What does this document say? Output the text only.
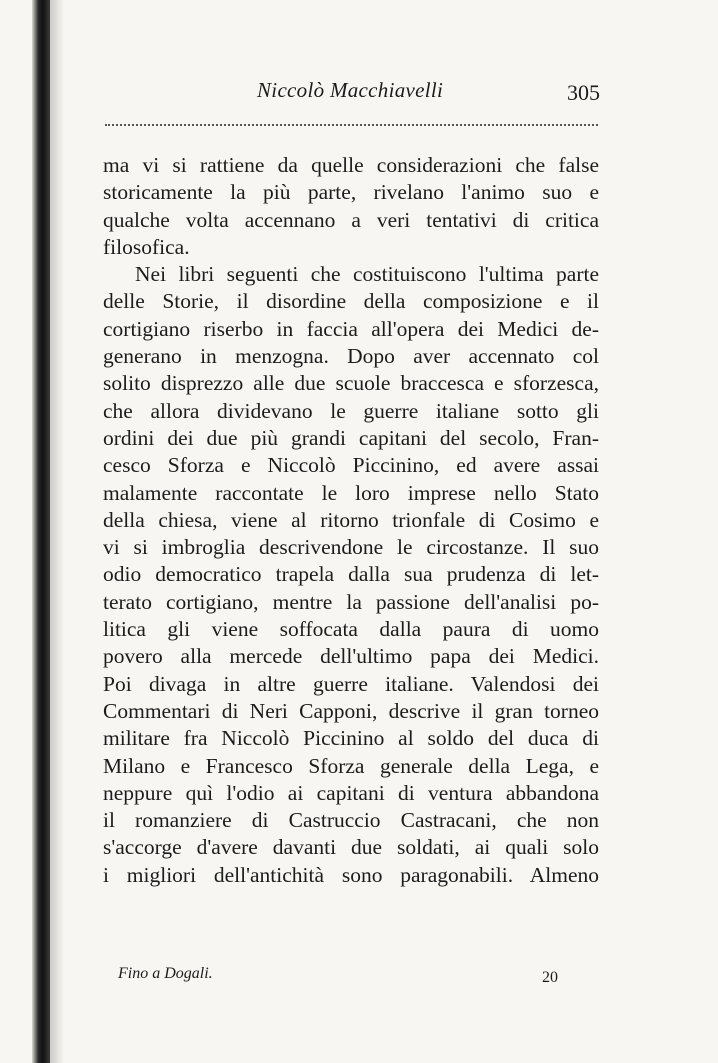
Niccolò Macchiavelli	305
ma vi si rattiene da quelle considerazioni che false
storicamente la più parte, rivelano l'animo suo e
qualche volta accennano a veri tentativi di critica
filosofica.
Nei libri seguenti che costituiscono l'ultima parte
delle Storie, il disordine della composizione e il
cortigiano riserbo in faccia all'opera dei Medici de-
generano in menzogna. Dopo aver accennato col
solito disprezzo alle due scuole braccesca e sforzesca,
che allora dividevano le guerre italiane sotto gli
ordini dei due più grandi capitani del secolo, Fran-
cesco Sforza e Niccolò Piccinino, ed avere assai
malamente raccontate le loro imprese nello Stato
della chiesa, viene al ritorno trionfale di Cosimo e
vi si imbroglia descrivendone le circostanze. Il suo
odio democratico trapela dalla sua prudenza di let-
terato cortigiano, mentre la passione dell'analisi po-
litica gli viene soffocata dalla paura di uomo
povero alla mercede dell'ultimo papa dei Medici.
Poi divaga in altre guerre italiane. Valendosi dei
Commentari di Neri Capponi, descrive il gran torneo
militare fra Niccolò Piccinino al soldo del duca di
Milano e Francesco Sforza generale della Lega, e
neppure quì l'odio ai capitani di ventura abbandona
il romanziere di Castruccio Castracani, che non
s'accorge d'avere davanti due soldati, ai quali solo
i migliori dell'antichità sono paragonabili. Almeno
Fino a Dogali.	20
